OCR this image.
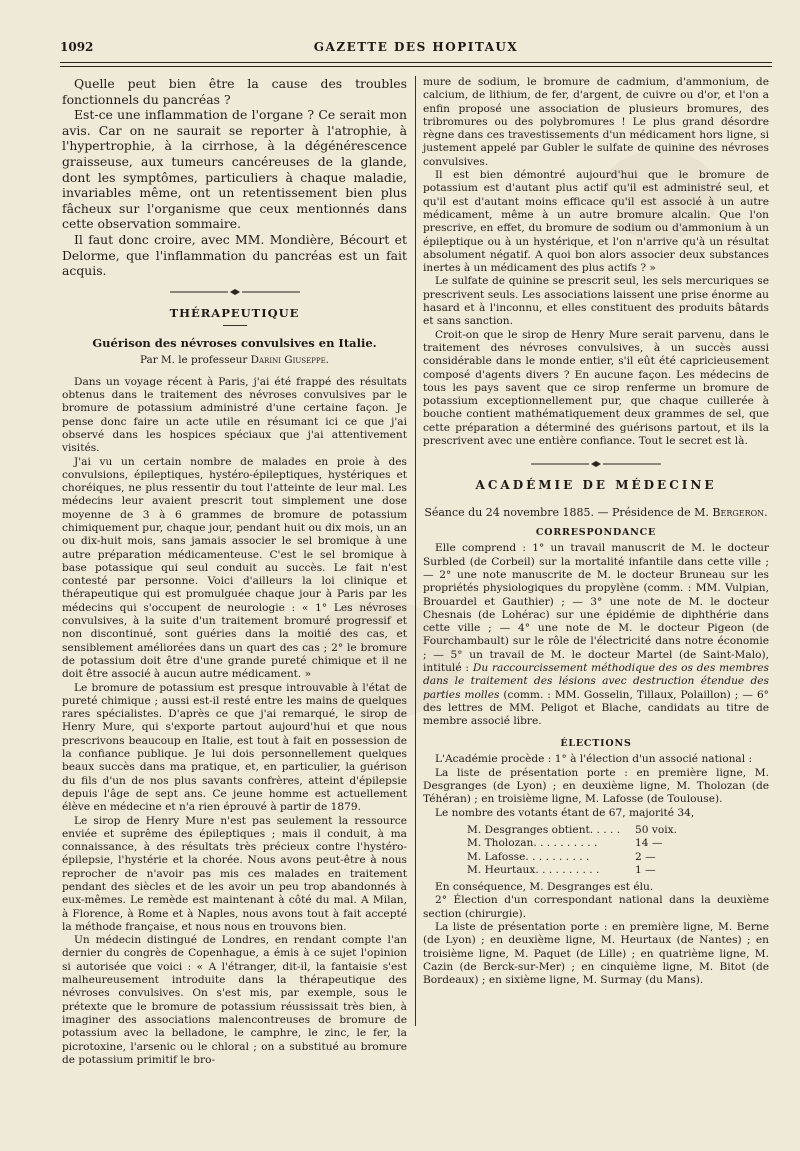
1092	GAZETTE DES HOPITAUX

Quelle peut bien être la cause des troubles fonctionnels du pancréas ?

Est-ce une inflammation de l'organe ? Ce serait mon avis. Car on ne saurait se reporter à l'atrophie, à l'hypertrophie, à la cirrhose, à la dégénérescence graisseuse, aux tumeurs cancéreuses de la glande, dont les symptômes, particuliers à chaque maladie, invariables même, ont un retentissement bien plus fâcheux sur l'organisme que ceux mentionnés dans cette observation sommaire.

Il faut donc croire, avec MM. Mondière, Bécourt et Delorme, que l'inflammation du pancréas est un fait acquis.

THÉRAPEUTIQUE
Guérison des névroses convulsives en Italie.
Par M. le professeur Darini Giuseppe.

Dans un voyage récent à Paris, j'ai été frappé des résultats obtenus dans le traitement des névroses convulsives par le bromure de potassium administré d'une certaine façon. Je pense donc faire un acte utile en résumant ici ce que j'ai observé dans les hospices spéciaux que j'ai attentivement visités.

J'ai vu un certain nombre de malades en proie à des convulsions, épileptiques, hystéro-épileptiques, hystériques et choréiques, ne plus ressentir du tout l'atteinte de leur mal. Les médecins leur avaient prescrit tout simplement une dose moyenne de 3 à 6 grammes de bromure de potassium chimiquement pur, chaque jour, pendant huit ou dix mois, un an ou dix-huit mois, sans jamais associer le sel bromique à une autre préparation médicamenteuse. C'est le sel bromique à base potassique qui seul conduit au succès. Le fait n'est contesté par personne. Voici d'ailleurs la loi clinique et thérapeutique qui est promulguée chaque jour à Paris par les médecins qui s'occupent de neurologie : « 1° Les névroses convulsives, à la suite d'un traitement bromuré progressif et non discontinué, sont guéries dans la moitié des cas, et sensiblement améliorées dans un quart des cas ; 2° le bromure de potassium doit être d'une grande pureté chimique et il ne doit être associé à aucun autre médicament. »

Le bromure de potassium est presque introuvable à l'état de pureté chimique ; aussi est-il resté entre les mains de quelques rares spécialistes. D'après ce que j'ai remarqué, le sirop de Henry Mure, qui s'exporte partout aujourd'hui et que nous prescrivons beaucoup en Italie, est tout à fait en possession de la confiance publique. Je lui dois personnellement quelques beaux succès dans ma pratique, et, en particulier, la guérison du fils d'un de nos plus savants confrères, atteint d'épilepsie depuis l'âge de sept ans. Ce jeune homme est actuellement élève en médecine et n'a rien éprouvé à partir de 1879.

Le sirop de Henry Mure n'est pas seulement la ressource enviée et suprême des épileptiques ; mais il conduit, à ma connaissance, à des résultats très précieux contre l'hystéro-épilepsie, l'hystérie et la chorée. Nous avons peut-être à nous reprocher de n'avoir pas mis ces malades en traitement pendant des siècles et de les avoir un peu trop abandonnés à eux-mêmes. Le remède est maintenant à côté du mal. A Milan, à Florence, à Rome et à Naples, nous avons tout à fait accepté la méthode française, et nous nous en trouvons bien.

Un médecin distingué de Londres, en rendant compte l'an dernier du congrès de Copenhague, a émis à ce sujet l'opinion si autorisée que voici : « A l'étranger, dit-il, la fantaisie s'est malheureusement introduite dans la thérapeutique des névroses convulsives. On s'est mis, par exemple, sous le prétexte que le bromure de potassium réussissait très bien, à imaginer des associations malencontreuses de bromure de potassium avec la belladone, le camphre, le zinc, le fer, la picrotoxine, l'arsenic ou le chloral ; on a substitué au bromure de potassium primitif le bro-

mure de sodium, le bromure de cadmium, d'ammonium, de calcium, de lithium, de fer, d'argent, de cuivre ou d'or, et l'on a enfin proposé une association de plusieurs bromures, des tribromures ou des polybromures ! Le plus grand désordre règne dans ces travestissements d'un médicament hors ligne, si justement appelé par Gubler le sulfate de quinine des névroses convulsives.

Il est bien démontré aujourd'hui que le bromure de potassium est d'autant plus actif qu'il est administré seul, et qu'il est d'autant moins efficace qu'il est associé à un autre médicament, même à un autre bromure alcalin. Que l'on prescrive, en effet, du bromure de sodium ou d'ammonium à un épileptique ou à un hystérique, et l'on n'arrive qu'à un résultat absolument négatif. A quoi bon alors associer deux substances inertes à un médicament des plus actifs ? »

Le sulfate de quinine se prescrit seul, les sels mercuriques se prescrivent seuls. Les associations laissent une prise énorme au hasard et à l'inconnu, et elles constituent des produits bâtards et sans sanction.

Croit-on que le sirop de Henry Mure serait parvenu, dans le traitement des névroses convulsives, à un succès aussi considérable dans le monde entier, s'il eût été capricieusement composé d'agents divers ? En aucune façon. Les médecins de tous les pays savent que ce sirop renferme un bromure de potassium exceptionnellement pur, que chaque cuillerée à bouche contient mathématiquement deux grammes de sel, que cette préparation a déterminé des guérisons partout, et ils la prescrivent avec une entière confiance. Tout le secret est là.

ACADÉMIE DE MÉDECINE
Séance du 24 novembre 1885. — Présidence de M. Bergeron.
CORRESPONDANCE

Elle comprend : 1° un travail manuscrit de M. le docteur Surbled (de Corbeil) sur la mortalité infantile dans cette ville ; — 2° une note manuscrite de M. le docteur Bruneau sur les propriétés physiologiques du propylène (comm. : MM. Vulpian, Brouardel et Gauthier) ; — 3° une note de M. le docteur Chesnais (de Lohérac) sur une épidémie de diphthérie dans cette ville ; — 4° une note de M. le docteur Pigeon (de Fourchambault) sur le rôle de l'électricité dans notre économie ; — 5° un travail de M. le docteur Martel (de Saint-Malo), intitulé : Du raccourcissement méthodique des os des membres dans le traitement des lésions avec destruction étendue des parties molles (comm. : MM. Gosselin, Tillaux, Polaillon) ; — 6° des lettres de MM. Peligot et Blache, candidats au titre de membre associé libre.

ÉLECTIONS

L'Académie procède : 1° à l'élection d'un associé national :

La liste de présentation porte : en première ligne, M. Desgranges (de Lyon) ; en deuxième ligne, M. Tholozan (de Téhéran) ; en troisième ligne, M. Lafosse (de Toulouse).

Le nombre des votants étant de 67, majorité 34,

M. Desgranges obtient. . . . .	50 voix.
M. Tholozan. . . . . . . . . .	14 —
M. Lafosse. . . . . . . . . .	2 —
M. Heurtaux. . . . . . . . . .	1 —

En conséquence, M. Desgranges est élu.

2° Élection d'un correspondant national dans la deuxième section (chirurgie).

La liste de présentation porte : en première ligne, M. Berne (de Lyon) ; en deuxième ligne, M. Heurtaux (de Nantes) ; en troisième ligne, M. Paquet (de Lille) ; en quatrième ligne, M. Cazin (de Berck-sur-Mer) ; en cinquième ligne, M. Bitot (de Bordeaux) ; en sixième ligne, M. Surmay (du Mans).
